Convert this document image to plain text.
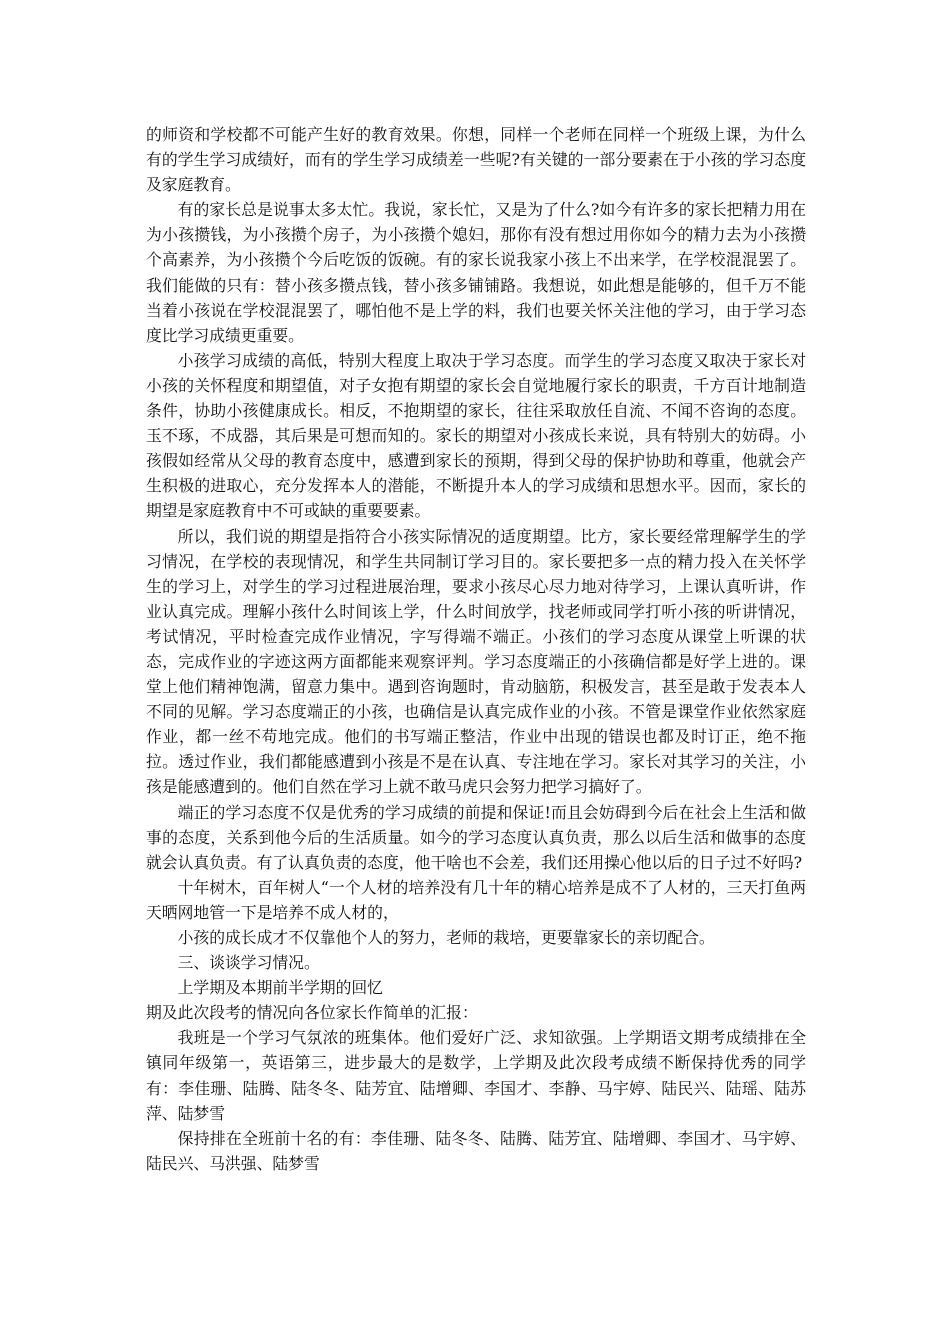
的师资和学校都不可能产生好的教育效果。你想，同样一个老师在同样一个班级上课，为什么有的学生学习成绩好，而有的学生学习成绩差一些呢?有关键的一部分要素在于小孩的学习态度及家庭教育。

有的家长总是说事太多太忙。我说，家长忙，又是为了什么?如今有许多的家长把精力用在为小孩攒钱，为小孩攒个房子，为小孩攒个媳妇，那你有没有想过用你如今的精力去为小孩攒个高素养，为小孩攒个今后吃饭的饭碗。有的家长说我家小孩上不出来学，在学校混混罢了。我们能做的只有：替小孩多攒点钱，替小孩多铺铺路。我想说，如此想是能够的，但千万不能当着小孩说在学校混混罢了，哪怕他不是上学的料，我们也要关怀关注他的学习，由于学习态度比学习成绩更重要。

小孩学习成绩的高低，特别大程度上取决于学习态度。而学生的学习态度又取决于家长对小孩的关怀程度和期望值，对子女抱有期望的家长会自觉地履行家长的职责，千方百计地制造条件，协助小孩健康成长。相反，不抱期望的家长，往往采取放任自流、不闻不咨询的态度。玉不琢，不成器，其后果是可想而知的。家长的期望对小孩成长来说，具有特别大的妨碍。小孩假如经常从父母的教育态度中，感遭到家长的预期，得到父母的保护协助和尊重，他就会产生积极的进取心，充分发挥本人的潜能，不断提升本人的学习成绩和思想水平。因而，家长的期望是家庭教育中不可或缺的重要要素。

所以，我们说的期望是指符合小孩实际情况的适度期望。比方，家长要经常理解学生的学习情况，在学校的表现情况，和学生共同制订学习目的。家长要把多一点的精力投入在关怀学生的学习上，对学生的学习过程进展治理，要求小孩尽心尽力地对待学习，上课认真听讲，作业认真完成。理解小孩什么时间该上学，什么时间放学，找老师或同学打听小孩的听讲情况，考试情况，平时检查完成作业情况，字写得端不端正。小孩们的学习态度从课堂上听课的状态，完成作业的字迹这两方面都能来观察评判。学习态度端正的小孩确信都是好学上进的。课堂上他们精神饱满，留意力集中。遇到咨询题时，肯动脑筋，积极发言，甚至是敢于发表本人不同的见解。学习态度端正的小孩，也确信是认真完成作业的小孩。不管是课堂作业依然家庭作业，都一丝不苟地完成。他们的书写端正整洁，作业中出现的错误也都及时订正，绝不拖拉。透过作业，我们都能感遭到小孩是不是在认真、专注地在学习。家长对其学习的关注，小孩是能感遭到的。他们自然在学习上就不敢马虎只会努力把学习搞好了。

端正的学习态度不仅是优秀的学习成绩的前提和保证!而且会妨碍到今后在社会上生活和做事的态度，关系到他今后的生活质量。如今的学习态度认真负责，那么以后生活和做事的态度就会认真负责。有了认真负责的态度，他干啥也不会差，我们还用操心他以后的日子过不好吗?

十年树木，百年树人“一个人材的培养没有几十年的精心培养是成不了人材的，三天打鱼两天晒网地管一下是培养不成人材的，

小孩的成长成才不仅靠他个人的努力，老师的栽培，更要靠家长的亲切配合。

三、谈谈学习情况。

上学期及本期前半学期的回忆

期及此次段考的情况向各位家长作简单的汇报：

我班是一个学习气氛浓的班集体。他们爱好广泛、求知欲强。上学期语文期考成绩排在全镇同年级第一，英语第三，进步最大的是数学，上学期及此次段考成绩不断保持优秀的同学有：李佳珊、陆腾、陆冬冬、陆芳宜、陆增卿、李国才、李静、马宇婷、陆民兴、陆瑶、陆苏萍、陆梦雪

保持排在全班前十名的有：李佳珊、陆冬冬、陆腾、陆芳宜、陆增卿、李国才、马宇婷、陆民兴、马洪强、陆梦雪
